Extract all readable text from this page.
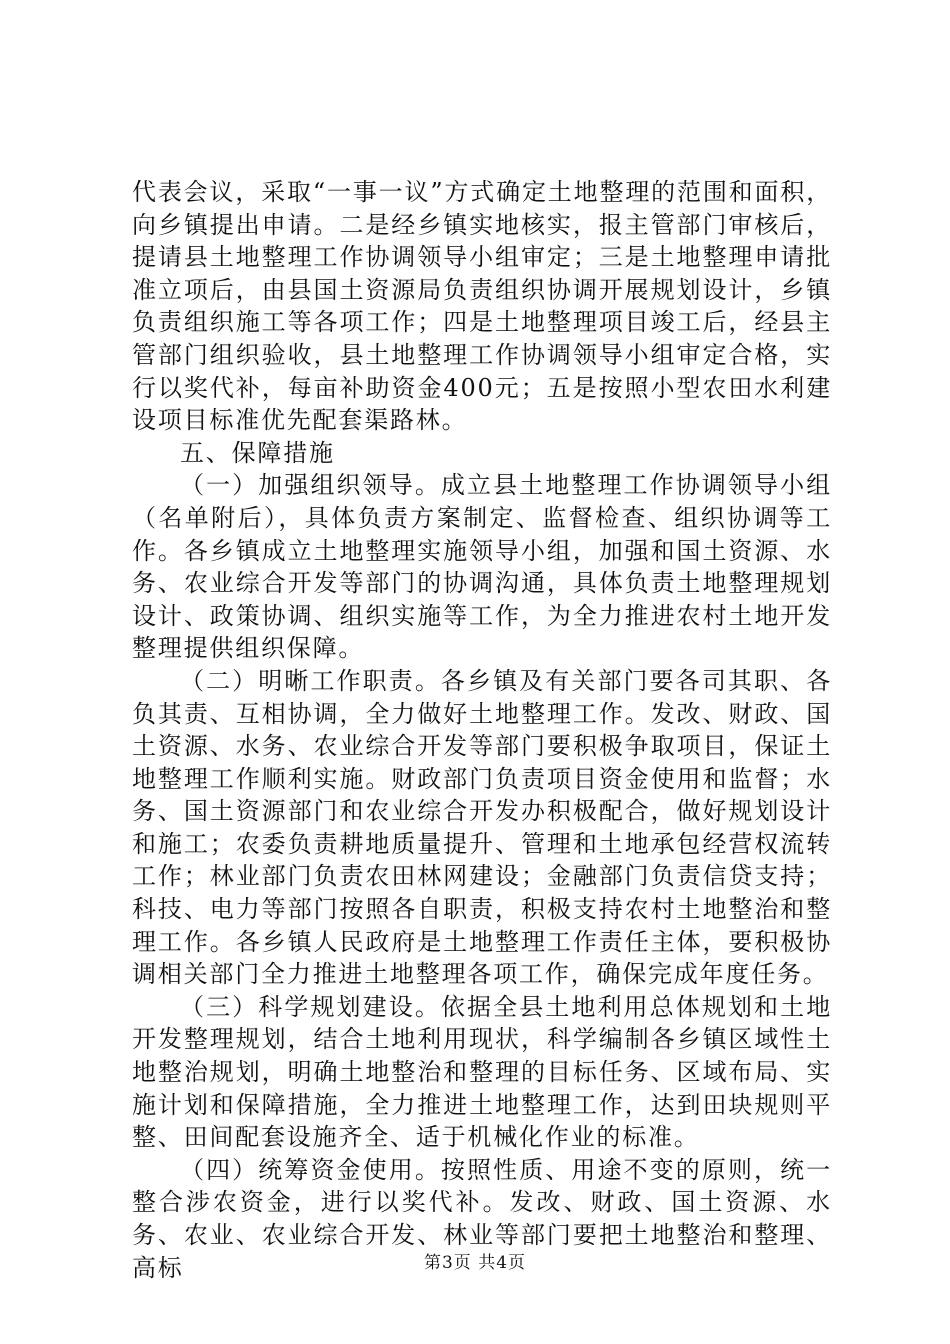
代表会议，采取“一事一议”方式确定土地整理的范围和面积，向乡镇提出申请。二是经乡镇实地核实，报主管部门审核后，提请县土地整理工作协调领导小组审定；三是土地整理申请批准立项后，由县国土资源局负责组织协调开展规划设计，乡镇负责组织施工等各项工作；四是土地整理项目竣工后，经县主管部门组织验收，县土地整理工作协调领导小组审定合格，实行以奖代补，每亩补助资金400元；五是按照小型农田水利建设项目标准优先配套渠路林。

五、保障措施

（一）加强组织领导。成立县土地整理工作协调领导小组（名单附后），具体负责方案制定、监督检查、组织协调等工作。各乡镇成立土地整理实施领导小组，加强和国土资源、水务、农业综合开发等部门的协调沟通，具体负责土地整理规划设计、政策协调、组织实施等工作，为全力推进农村土地开发整理提供组织保障。

（二）明晰工作职责。各乡镇及有关部门要各司其职、各负其责、互相协调，全力做好土地整理工作。发改、财政、国土资源、水务、农业综合开发等部门要积极争取项目，保证土地整理工作顺利实施。财政部门负责项目资金使用和监督；水务、国土资源部门和农业综合开发办积极配合，做好规划设计和施工；农委负责耕地质量提升、管理和土地承包经营权流转工作；林业部门负责农田林网建设；金融部门负责信贷支持；科技、电力等部门按照各自职责，积极支持农村土地整治和整理工作。各乡镇人民政府是土地整理工作责任主体，要积极协调相关部门全力推进土地整理各项工作，确保完成年度任务。

（三）科学规划建设。依据全县土地利用总体规划和土地开发整理规划，结合土地利用现状，科学编制各乡镇区域性土地整治规划，明确土地整治和整理的目标任务、区域布局、实施计划和保障措施，全力推进土地整理工作，达到田块规则平整、田间配套设施齐全、适于机械化作业的标准。

（四）统筹资金使用。按照性质、用途不变的原则，统一整合涉农资金，进行以奖代补。发改、财政、国土资源、水务、农业、农业综合开发、林业等部门要把土地整治和整理、高标	第3页 共4页
